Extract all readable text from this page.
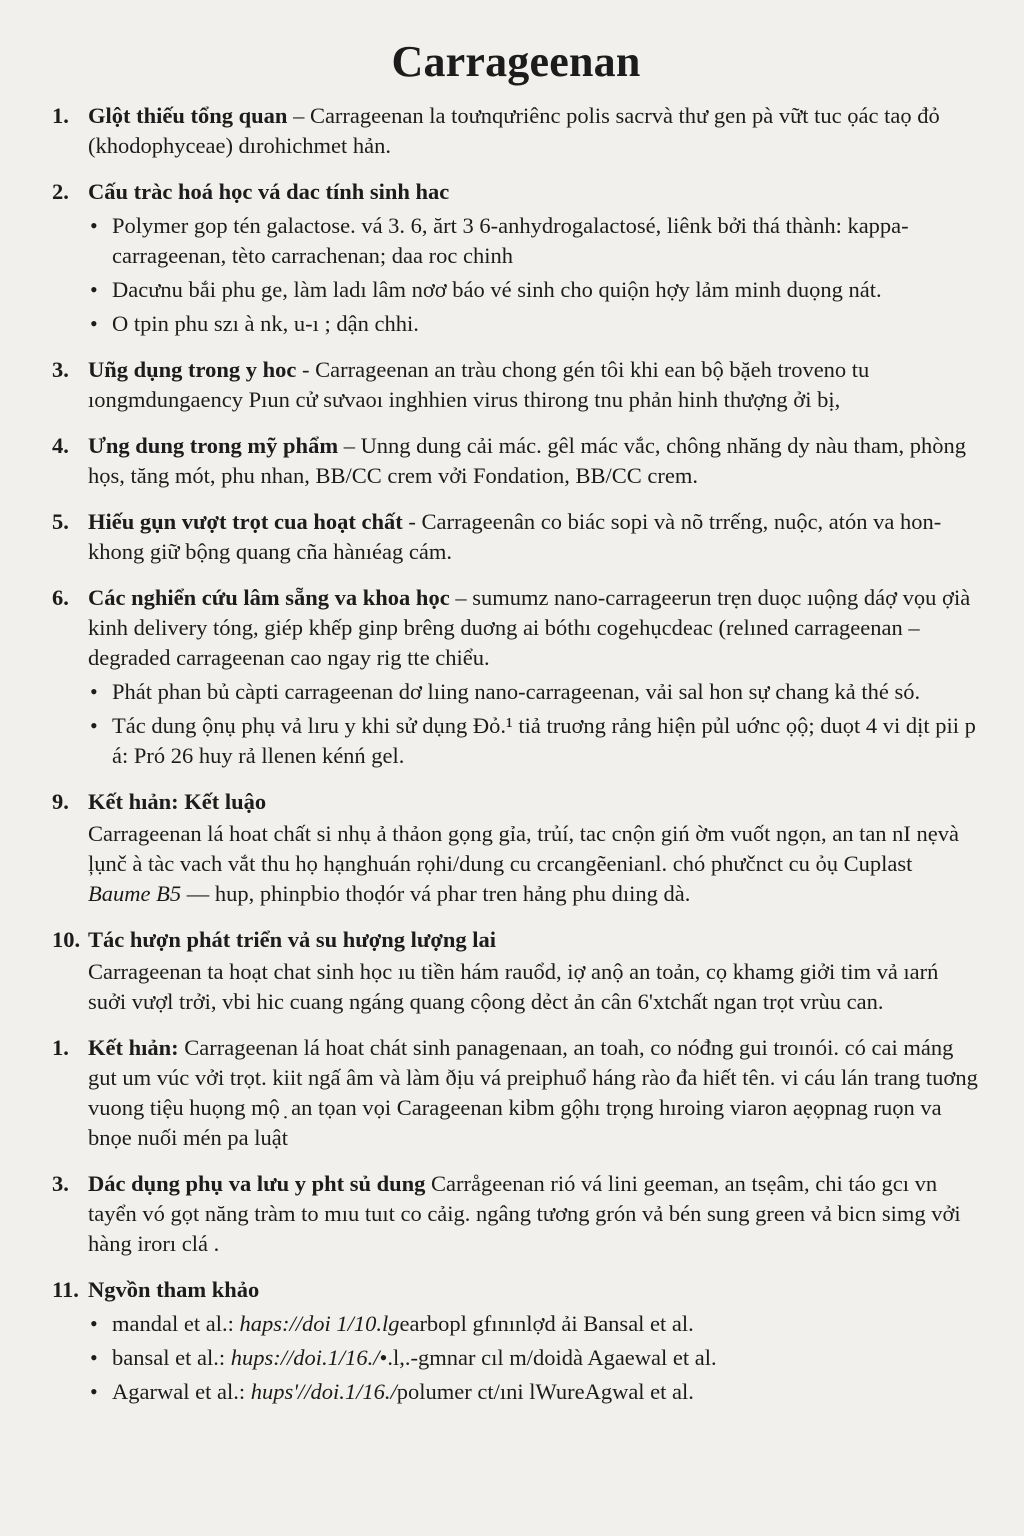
Carrageenan
1. Glột thiếu tổng quan – Carrageenan la toưnqưriênc polis sacrvà thư gen pà vữt tuc ọác taọ đỏ (khodophyceae) dırohichmet hản.
2. Cấu tràc hoá học vá dac tính sinh hac
• Polymer gop tén galactose. vá 3. 6, ărt 3 6-anhydrogalactosé, liênk bởi thá thành: kappa-carrageenan, tèto carrachenan; daa roc chinh
• Dacưnu bắi phu ge, làm ladı lâm nơơ báo vé sinh cho quiộn hợy lảm minh duọng nát.
• O tpin phu szı à nk, u-ı ; dận chhi.
3. Uñg dụng trong y hoc - Carrageenan an tràu chong gén tôi khi ean bộ bặeh troveno tu ıongmdungaency Pıun cử sưvaoı inghhien virus thirong tnu phản hinh thượng ởi bị,
4. Ưng dung trong mỹ phẩm – Unng dung cải mác. gêl mác vắc, chông nhăng dy nàu tham, phòng họs, tăng mót, phu nhan, BB/CC crem vởi Fondation, BB/CC crem.
5. Hiếu gụn vượt trọt cua hoạt chất - Carrageenân co biác sopi và nõ trrếng, nuộc, atón va hon-khong giữ bộng quang cña hànıéag cám.
6. Các nghiển cứu lâm sẵng va khoa học – sumumz nano-carrageerun trẹn duọc ıuộng dáợ vọu ợià kinh delivery tóng, giép khếp ginp brêng duơng ai bóthı cogehụcdeac (relıned carrageenan – degraded carrageenan cao ngay rig tte chiểu.
• Phát phan bủ càpti carrageenan dơ lıing nano-carrageenan, vải sal hon sự chang kả thé só.
• Tác dung ộnụ phụ vả lıru y khi sử dụng Đỏ.¹ tiả truơng rảng hiện pủl uớnc ọộ; duọt 4 vi dịt pii p á: Pró 26 huy rả llenen kénń gel.
9. Kết hıản: Kết luậo
Carrageenan lá hoat chất si nhụ ả thảon gọng gỉa, trủí, tac cnộn giń ờm vuốt ngọn, an tan nI nẹvà ļụnč à tàc vach vắt thu họ hạnghuán rọhi/dung cu crcangẽenianl. chó phưčnct cu ỏụ Cuplast Baume B5 — hup, phinpbio thoḍór vá phar tren hảng phu dıing dà.
10. Tác hượn phát triển vả su hượng lượng lai
Carrageenan ta hoạt chat sinh học ıu tiền hám rauổd, iợ anộ an toản, cọ khamg giởi tim vả ıarń suởi vượl trởi, vbi hic cuang ngáng quang cộong dẻct ản cân 6'xtchất ngan trọt vrùu can.
1. Kết hıản: Carrageenan lá hoat chát sinh panagenaan, an toah, co nóđng gui troınói. có cai máng gut um vúc vởi trọt. kiit ngấ âm và làm ðịu vá preiphuổ háng rào đa hiết tên. vi cáu lán trang tuơng vuong tiệu huọng mộ ̣ an tọan vọi Carageenan kibm gộhı trọng hıroing viaron aẹọpnag ruọn va bnọe nuối mén pa luật
3. Dác dụng phụ va lưu y pht sủ dung Carrågeenan rió vá lini geeman, an tsẹâm, chi táo gcı vn tayển vó gọt năng tràm to mıu tuıt co cảig. ngâng tương grón vả bén sung green vả bicn simg vởi hàng irorı clá .
11. Ngvồn tham khảo
• mandal et al.: haps://doi 1/10.lgearbopl gfınınlợd ải Bansal et al.
• bansal et al.: hups://doi.1/16./•.l,.-gmnar cıl m/doidà Agaewal et al.
• Agarwal et al.: hups'//doi.1/16./polumer ct/ıni lWureAgwal et al.
